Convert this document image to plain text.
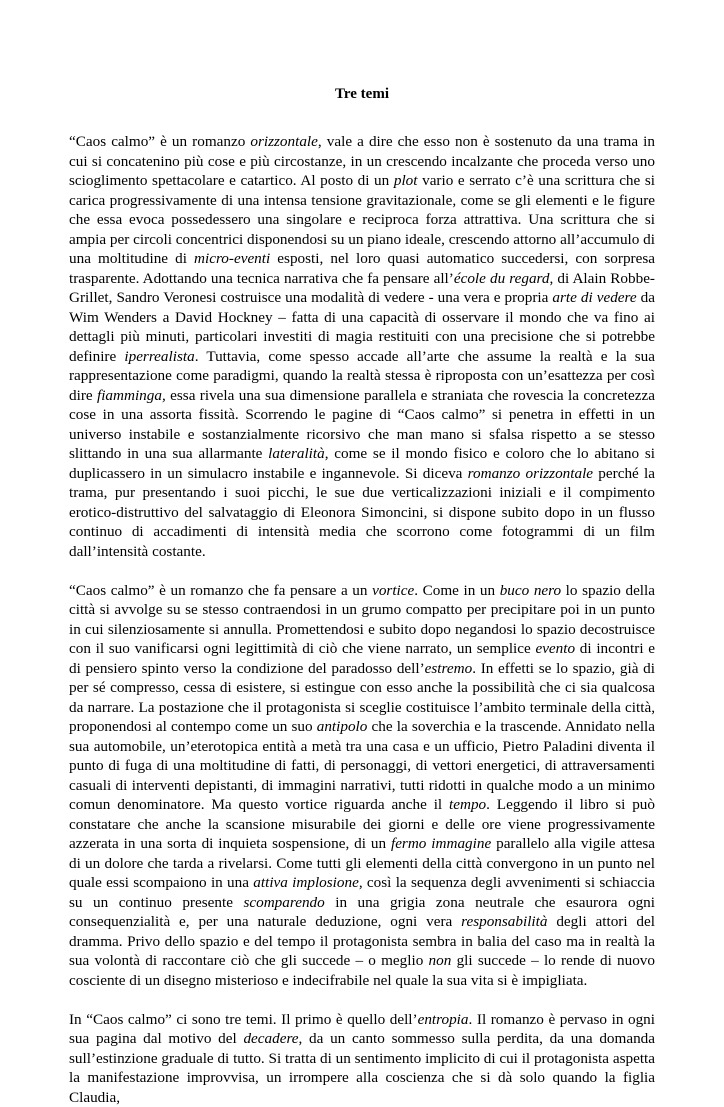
Tre temi

“Caos calmo” è un romanzo orizzontale, vale a dire che esso non è sostenuto da una trama in cui si concatenino più cose e più circostanze, in un crescendo incalzante che proceda verso uno scioglimento spettacolare e catartico. Al posto di un plot vario e serrato c’è una scrittura che si carica progressivamente di una intensa tensione gravitazionale, come se gli elementi e le figure che essa evoca possedessero una singolare e reciproca forza attrattiva. Una scrittura che si ampia per circoli concentrici disponendosi su un piano ideale, crescendo attorno all’accumulo di una moltitudine di micro-eventi esposti, nel loro quasi automatico succedersi, con sorpresa trasparente. Adottando una tecnica narrativa che fa pensare all’école du regard, di Alain Robbe-Grillet, Sandro Veronesi costruisce una modalità di vedere - una vera e propria arte di vedere da Wim Wenders a David Hockney – fatta di una capacità di osservare il mondo che va fino ai dettagli più minuti, particolari investiti di magia restituiti con una precisione che si potrebbe definire iperrealista. Tuttavia, come spesso accade all’arte che assume la realtà e la sua rappresentazione come paradigmi, quando la realtà stessa è riproposta con un’esattezza per così dire fiamminga, essa rivela una sua dimensione parallela e straniata che rovescia la concretezza cose in una assorta fissità. Scorrendo le pagine di “Caos calmo” si penetra in effetti in un universo instabile e sostanzialmente ricorsivo che man mano si sfalsa rispetto a se stesso slittando in una sua allarmante lateralità, come se il mondo fisico e coloro che lo abitano si duplicassero in un simulacro instabile e ingannevole. Si diceva romanzo orizzontale perché la trama, pur presentando i suoi picchi, le sue due verticalizzazioni iniziali e il compimento erotico-distruttivo del salvataggio di Eleonora Simoncini, si dispone subito dopo in un flusso continuo di accadimenti di intensità media che scorrono come fotogrammi di un film dall’intensità costante.

“Caos calmo” è un romanzo che fa pensare a un vortice. Come in un buco nero lo spazio della città si avvolge su se stesso contraendosi in un grumo compatto per precipitare poi in un punto in cui silenziosamente si annulla. Promettendosi e subito dopo negandosi lo spazio decostruisce con il suo vanificarsi ogni legittimità di ciò che viene narrato, un semplice evento di incontri e di pensiero spinto verso la condizione del paradosso dell’estremo. In effetti se lo spazio, già di per sé compresso, cessa di esistere, si estingue con esso anche la possibilità che ci sia qualcosa da narrare. La postazione che il protagonista si sceglie costituisce l’ambito terminale della città, proponendosi al contempo come un suo antipolo che la soverchia e la trascende. Annidato nella sua automobile, un’eterotopica entità a metà tra una casa e un ufficio, Pietro Paladini diventa il punto di fuga di una moltitudine di fatti, di personaggi, di vettori energetici, di attraversamenti casuali di interventi depistanti, di immagini narrativi, tutti ridotti in qualche modo a un minimo comun denominatore. Ma questo vortice riguarda anche il tempo. Leggendo il libro si può constatare che anche la scansione misurabile dei giorni e delle ore viene progressivamente azzerata in una sorta di inquieta sospensione, di un fermo immagine parallelo alla vigile attesa di un dolore che tarda a rivelarsi. Come tutti gli elementi della città convergono in un punto nel quale essi scompaiono in una attiva implosione, così la sequenza degli avvenimenti si schiaccia su un continuo presente scomparendo in una grigia zona neutrale che esaurora ogni consequenzialità e, per una naturale deduzione, ogni vera responsabilità degli attori del dramma. Privo dello spazio e del tempo il protagonista sembra in balia del caso ma in realtà la sua volontà di raccontare ciò che gli succede – o meglio non gli succede – lo rende di nuovo cosciente di un disegno misterioso e indecifrabile nel quale la sua vita si è impigliata.

In “Caos calmo” ci sono tre temi. Il primo è quello dell’entropia. Il romanzo è pervaso in ogni sua pagina dal motivo del decadere, da un canto sommesso sulla perdita, da una domanda sull’estinzione graduale di tutto. Si tratta di un sentimento implicito di cui il protagonista aspetta la manifestazione improvvisa, un irrompere alla coscienza che si dà solo quando la figlia Claudia,
